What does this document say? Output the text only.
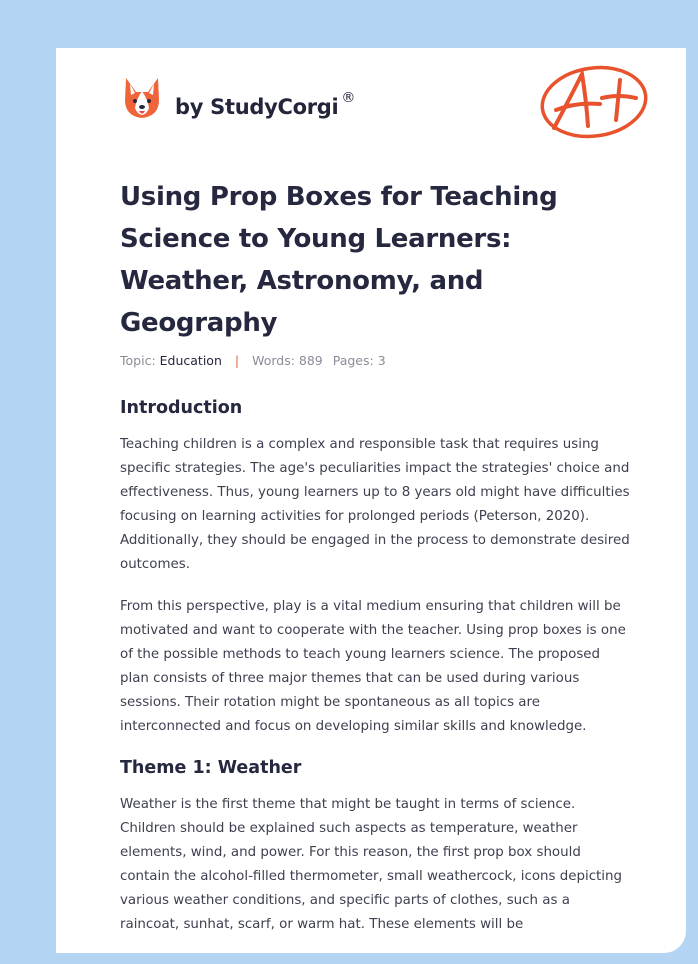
by StudyCorgi ®
A+
Using Prop Boxes for Teaching Science to Young Learners: Weather, Astronomy, and Geography
Topic: Education | Words: 889 Pages: 3
Introduction

Teaching children is a complex and responsible task that requires using specific strategies. The age's peculiarities impact the strategies' choice and effectiveness. Thus, young learners up to 8 years old might have difficulties focusing on learning activities for prolonged periods (Peterson, 2020). Additionally, they should be engaged in the process to demonstrate desired outcomes.

From this perspective, play is a vital medium ensuring that children will be motivated and want to cooperate with the teacher. Using prop boxes is one of the possible methods to teach young learners science. The proposed plan consists of three major themes that can be used during various sessions. Their rotation might be spontaneous as all topics are interconnected and focus on developing similar skills and knowledge.

Theme 1: Weather

Weather is the first theme that might be taught in terms of science. Children should be explained such aspects as temperature, weather elements, wind, and power. For this reason, the first prop box should contain the alcohol-filled thermometer, small weathercock, icons depicting various weather conditions, and specific parts of clothes, such as a raincoat, sunhat, scarf, or warm hat. These elements will be
